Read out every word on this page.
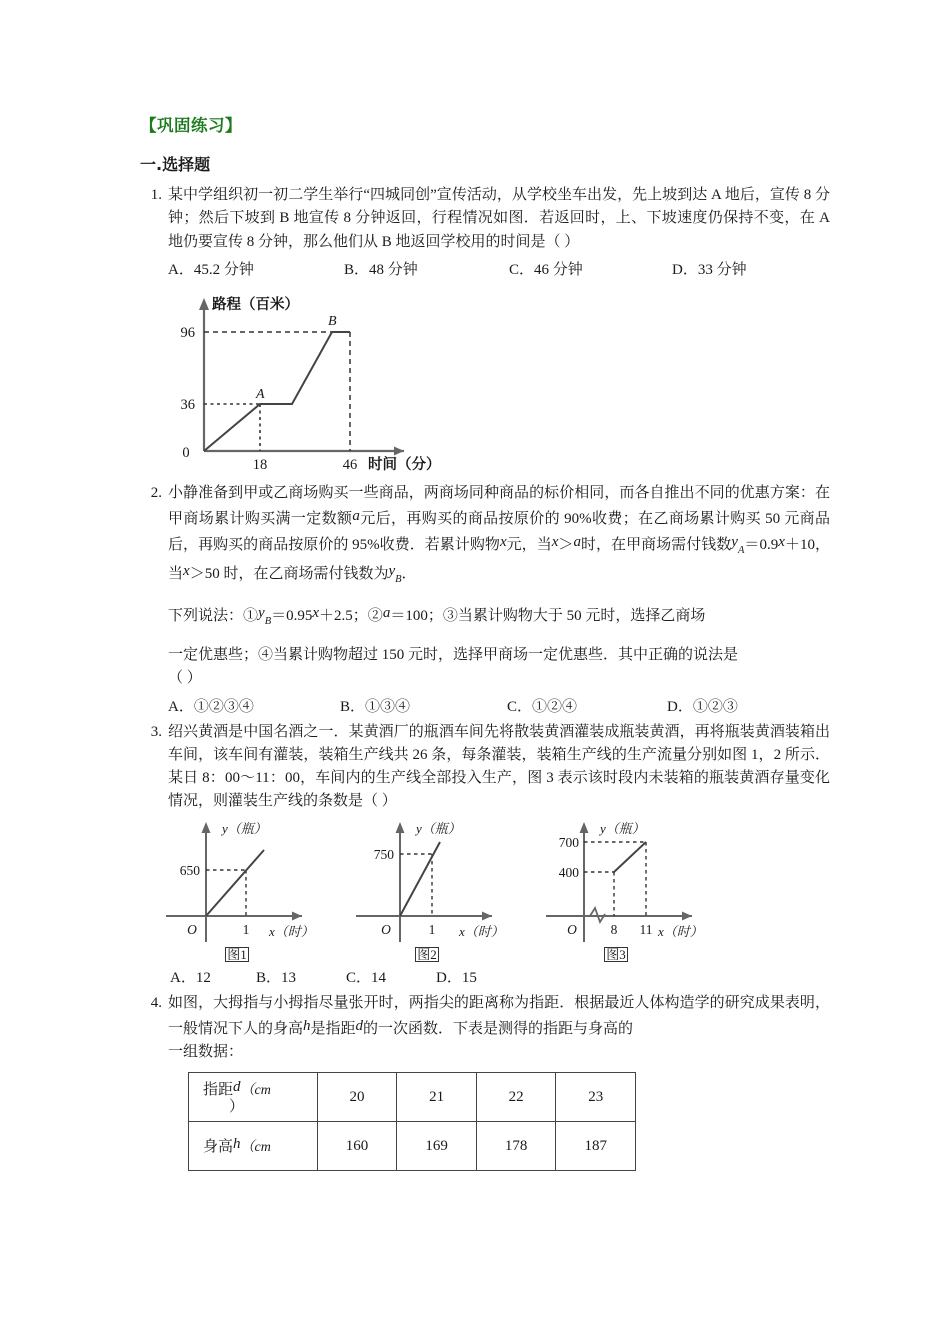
【巩固练习】
一.选择题
1. 某中学组织初一初二学生举行“四城同创”宣传活动，从学校坐车出发，先上坡到达 A 地后，宣传 8 分钟；然后下坡到 B 地宣传 8 分钟返回，行程情况如图．若返回时，上、下坡速度仍保持不变，在 A 地仍要宣传 8 分钟，那么他们从 B 地返回学校用的时间是（ ）
A．45.2 分钟	B．48 分钟	C．46 分钟	D．33 分钟
路程（百米）
时间（分）
0
96
36
18	46
A
B
2. 小静准备到甲或乙商场购买一些商品，两商场同种商品的标价相同，而各自推出不同的优惠方案：在甲商场累计购买满一定数额a元后，再购买的商品按原价的 90%收费；在乙商场累计购买 50 元商品后，再购买的商品按原价的 95%收费．若累计购物x元，当x＞a时，在甲商场需付钱数$y_A=0.9x+10$，当x＞50 时，在乙商场需付钱数为$y_B$．
下列说法：$①y_B=0.95x+2.5$；②a＝100；③当累计购物大于 50 元时，选择乙商场
一定优惠些；④当累计购物超过 150 元时，选择甲商场一定优惠些．其中正确的说法是
（ ）
A．①②③④	B．①③④	C．①②④	D．①②③
3. 绍兴黄酒是中国名酒之一．某黄酒厂的瓶酒车间先将散装黄酒灌装成瓶装黄酒，再将瓶装黄酒装箱出车间，该车间有灌装，装箱生产线共 26 条，每条灌装，装箱生产线的生产流量分别如图 1，2 所示．某日 8：00～11：00，车间内的生产线全部投入生产，图 3 表示该时段内未装箱的瓶装黄酒存量变化情况，则灌装生产线的条数是（ ）
y（瓶）
x（时）
650
O	1
图1
y（瓶）
x（时）
750
O	1
图2
y（瓶）
x（时）
700
400
O	8 11
图3
A．12	B．13	C．14	D．15
4. 如图，大拇指与小拇指尽量张开时，两指尖的距离称为指距．根据最近人体构造学的研究成果表明，一般情况下人的身高h是指距d的一次函数．下表是测得的指距与身高的
一组数据：
指距d（cm
）	20	21	22	23
身高h（cm	160	169	178	187
